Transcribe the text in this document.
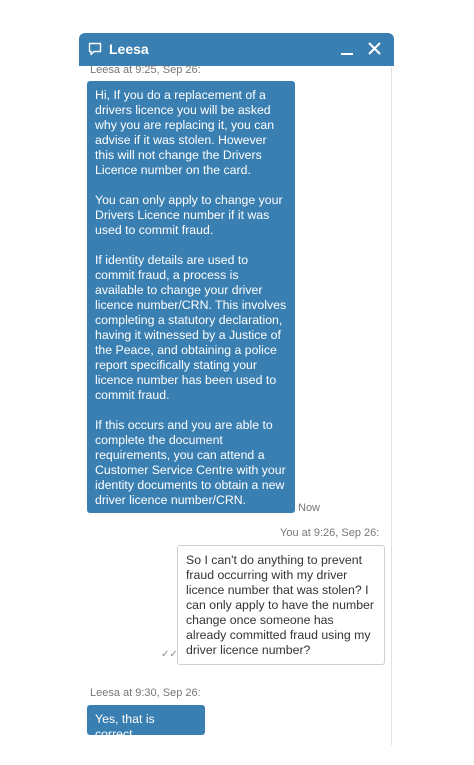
Leesa
Leesa at 9:25, Sep 26:

Hi, If you do a replacement of a drivers licence you will be asked why you are replacing it, you can advise if it was stolen. However this will not change the Drivers Licence number on the card.

You can only apply to change your Drivers Licence number if it was used to commit fraud.

If identity details are used to commit fraud, a process is available to change your driver licence number/CRN. This involves completing a statutory declaration, having it witnessed by a Justice of the Peace, and obtaining a police report specifically stating your licence number has been used to commit fraud.

If this occurs and you are able to complete the document requirements, you can attend a Customer Service Centre with your identity documents to obtain a new driver licence number/CRN.

Now
You at 9:26, Sep 26:
So I can't do anything to prevent fraud occurring with my driver licence number that was stolen? I can only apply to have the number change once someone has already committed fraud using my driver licence number?
✓✓
Leesa at 9:30, Sep 26:
Yes, that is correct.
